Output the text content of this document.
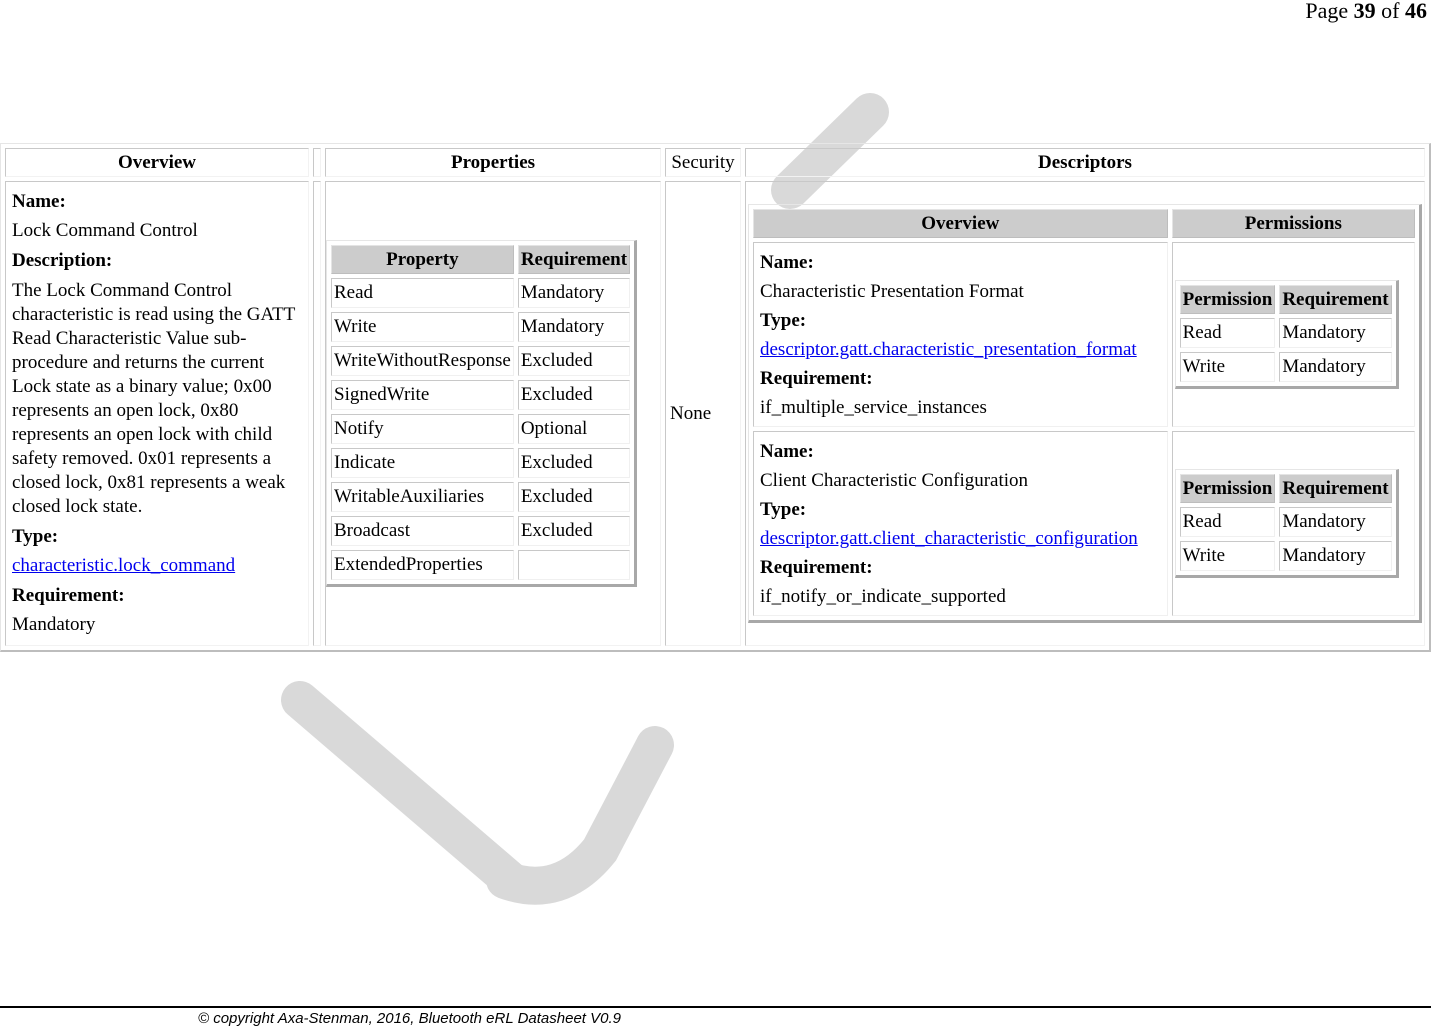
Page 39 of 46
Overview		Properties	Security	Descriptors

Name:
Lock Command Control
Description:
The Lock Command Control characteristic is read using the GATT Read Characteristic Value sub-procedure and returns the current Lock state as a binary value; 0x00 represents an open lock, 0x80 represents an open lock with child safety removed. 0x01 represents a closed lock, 0x81 represents a weak closed lock state.
Type:
characteristic.lock_command
Requirement:
Mandatory

Property	Requirement
Read	Mandatory
Write	Mandatory
WriteWithoutResponse	Excluded
SignedWrite	Excluded
Notify	Optional
Indicate	Excluded
WritableAuxiliaries	Excluded
Broadcast	Excluded
ExtendedProperties	
	None	
Overview	Permissions

Name:
Characteristic Presentation Format
Type:
descriptor.gatt.characteristic_presentation_format
Requirement:
if_multiple_service_instances

Permission	Requirement
Read	Mandatory
Write	Mandatory

Name:
Client Characteristic Configuration
Type:
descriptor.gatt.client_characteristic_configuration
Requirement:
if_notify_or_indicate_supported

Permission	Requirement
Read	Mandatory
Write	Mandatory
© copyright Axa-Stenman, 2016, Bluetooth eRL Datasheet V0.9
